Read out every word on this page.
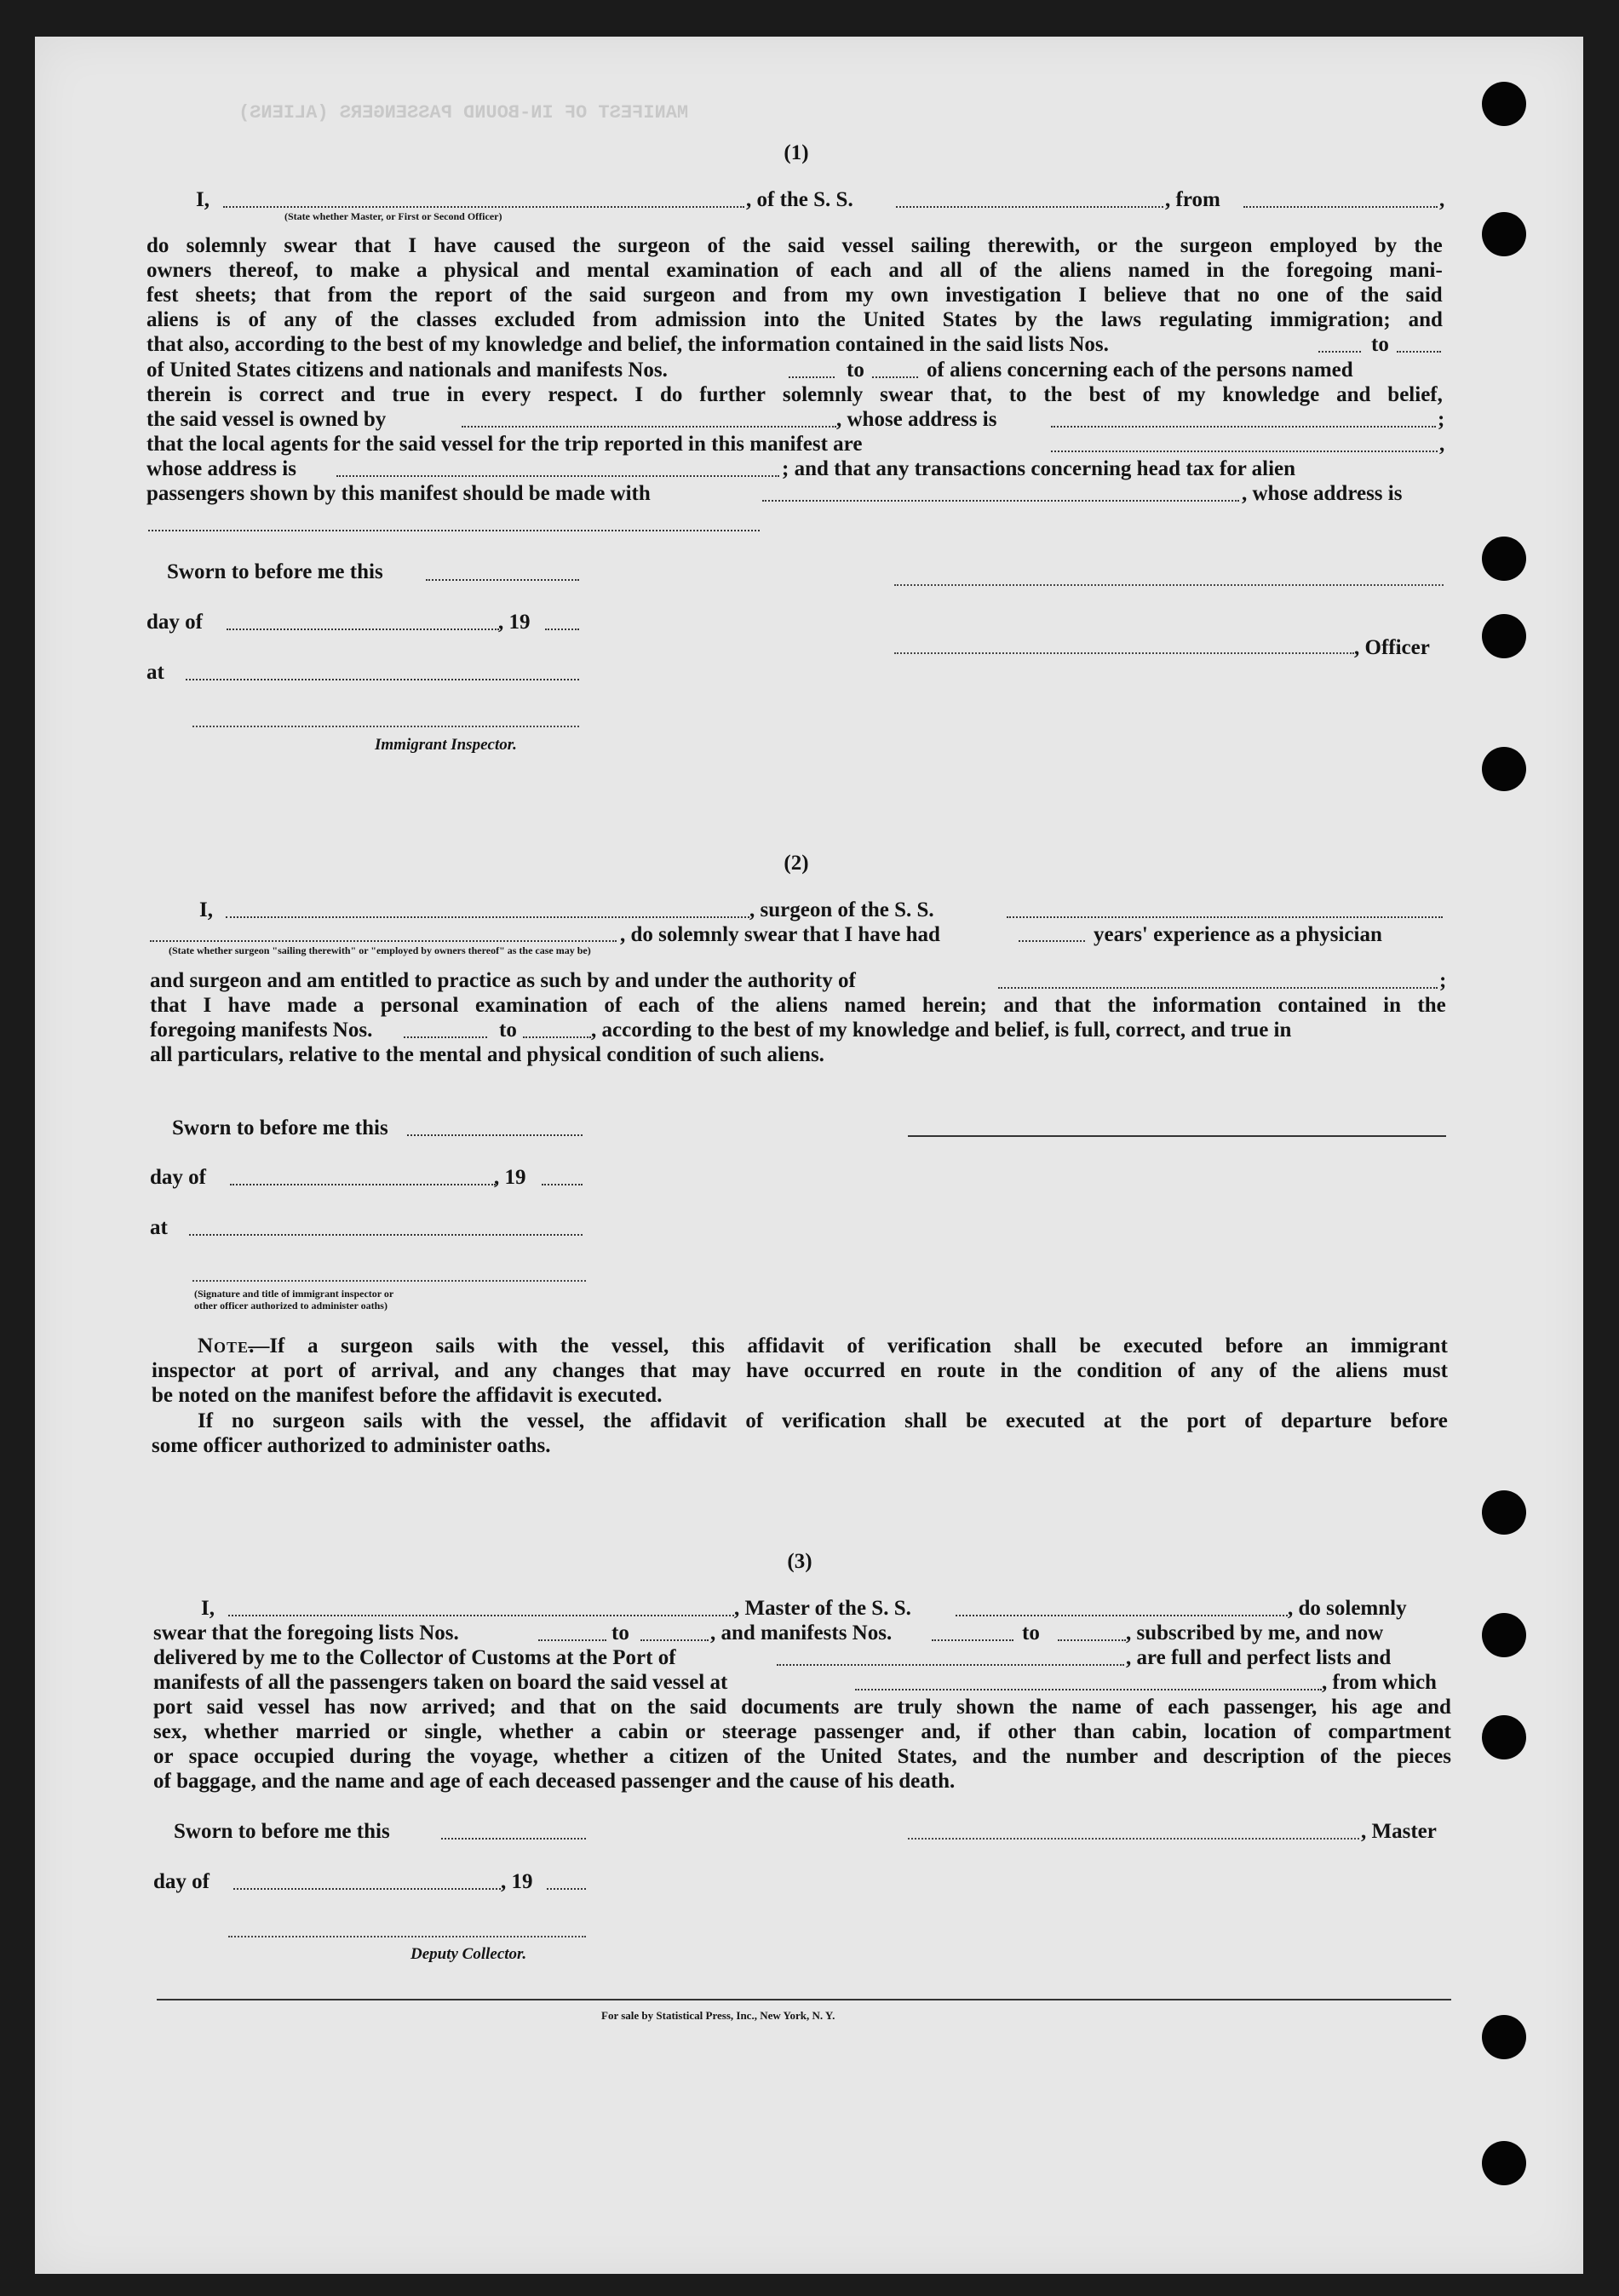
MANIFEST OF IN-BOUND PASSENGERS (ALIENS)
(1)
I,	, of the S. S.	, from	,
(State whether Master, or First or Second Officer)
do solemnly swear that I have caused the surgeon of the said vessel sailing therewith, or the surgeon employed by the
owners thereof, to make a physical and mental examination of each and all of the aliens named in the foregoing mani-
fest sheets; that from the report of the said surgeon and from my own investigation I believe that no one of the said
aliens is of any of the classes excluded from admission into the United States by the laws regulating immigration; and
that also, according to the best of my knowledge and belief, the information contained in the said lists Nos.	to
of United States citizens and nationals and manifests Nos.	to	of aliens concerning each of the persons named
therein is correct and true in every respect. I do further solemnly swear that, to the best of my knowledge and belief,
the said vessel is owned by	, whose address is	;
that the local agents for the said vessel for the trip reported in this manifest are	,
whose address is	; and that any transactions concerning head tax for alien
passengers shown by this manifest should be made with	, whose address is
Sworn to before me this
day of	, 19
, Officer
at
Immigrant Inspector.
(2)
I,	, surgeon of the S. S.
, do solemnly swear that I have had	years' experience as a physician
(State whether surgeon "sailing therewith" or "employed by owners thereof" as the case may be)
and surgeon and am entitled to practice as such by and under the authority of	;
that I have made a personal examination of each of the aliens named herein; and that the information contained in the
foregoing manifests Nos.	to	, according to the best of my knowledge and belief, is full, correct, and true in
all particulars, relative to the mental and physical condition of such aliens.
Sworn to before me this
day of	, 19
at
(Signature and title of immigrant inspector or
other officer authorized to administer oaths)
Note.
—If a surgeon sails with the vessel, this affidavit of verification shall be executed before an immigrant
inspector at port of arrival, and any changes that may have occurred en route in the condition of any of the aliens must
be noted on the manifest before the affidavit is executed.
If no surgeon sails with the vessel, the affidavit of verification shall be executed at the port of departure before
some officer authorized to administer oaths.
(3)
I,	, Master of the S. S.	, do solemnly
swear that the foregoing lists Nos.	to	, and manifests Nos.	to	, subscribed by me, and now
delivered by me to the Collector of Customs at the Port of	, are full and perfect lists and
manifests of all the passengers taken on board the said vessel at	, from which
port said vessel has now arrived; and that on the said documents are truly shown the name of each passenger, his age and
sex, whether married or single, whether a cabin or steerage passenger and, if other than cabin, location of compartment
or space occupied during the voyage, whether a citizen of the United States, and the number and description of the pieces
of baggage, and the name and age of each deceased passenger and the cause of his death.
Sworn to before me this	, Master
day of	, 19
Deputy Collector.
For sale by Statistical Press, Inc., New York, N. Y.
